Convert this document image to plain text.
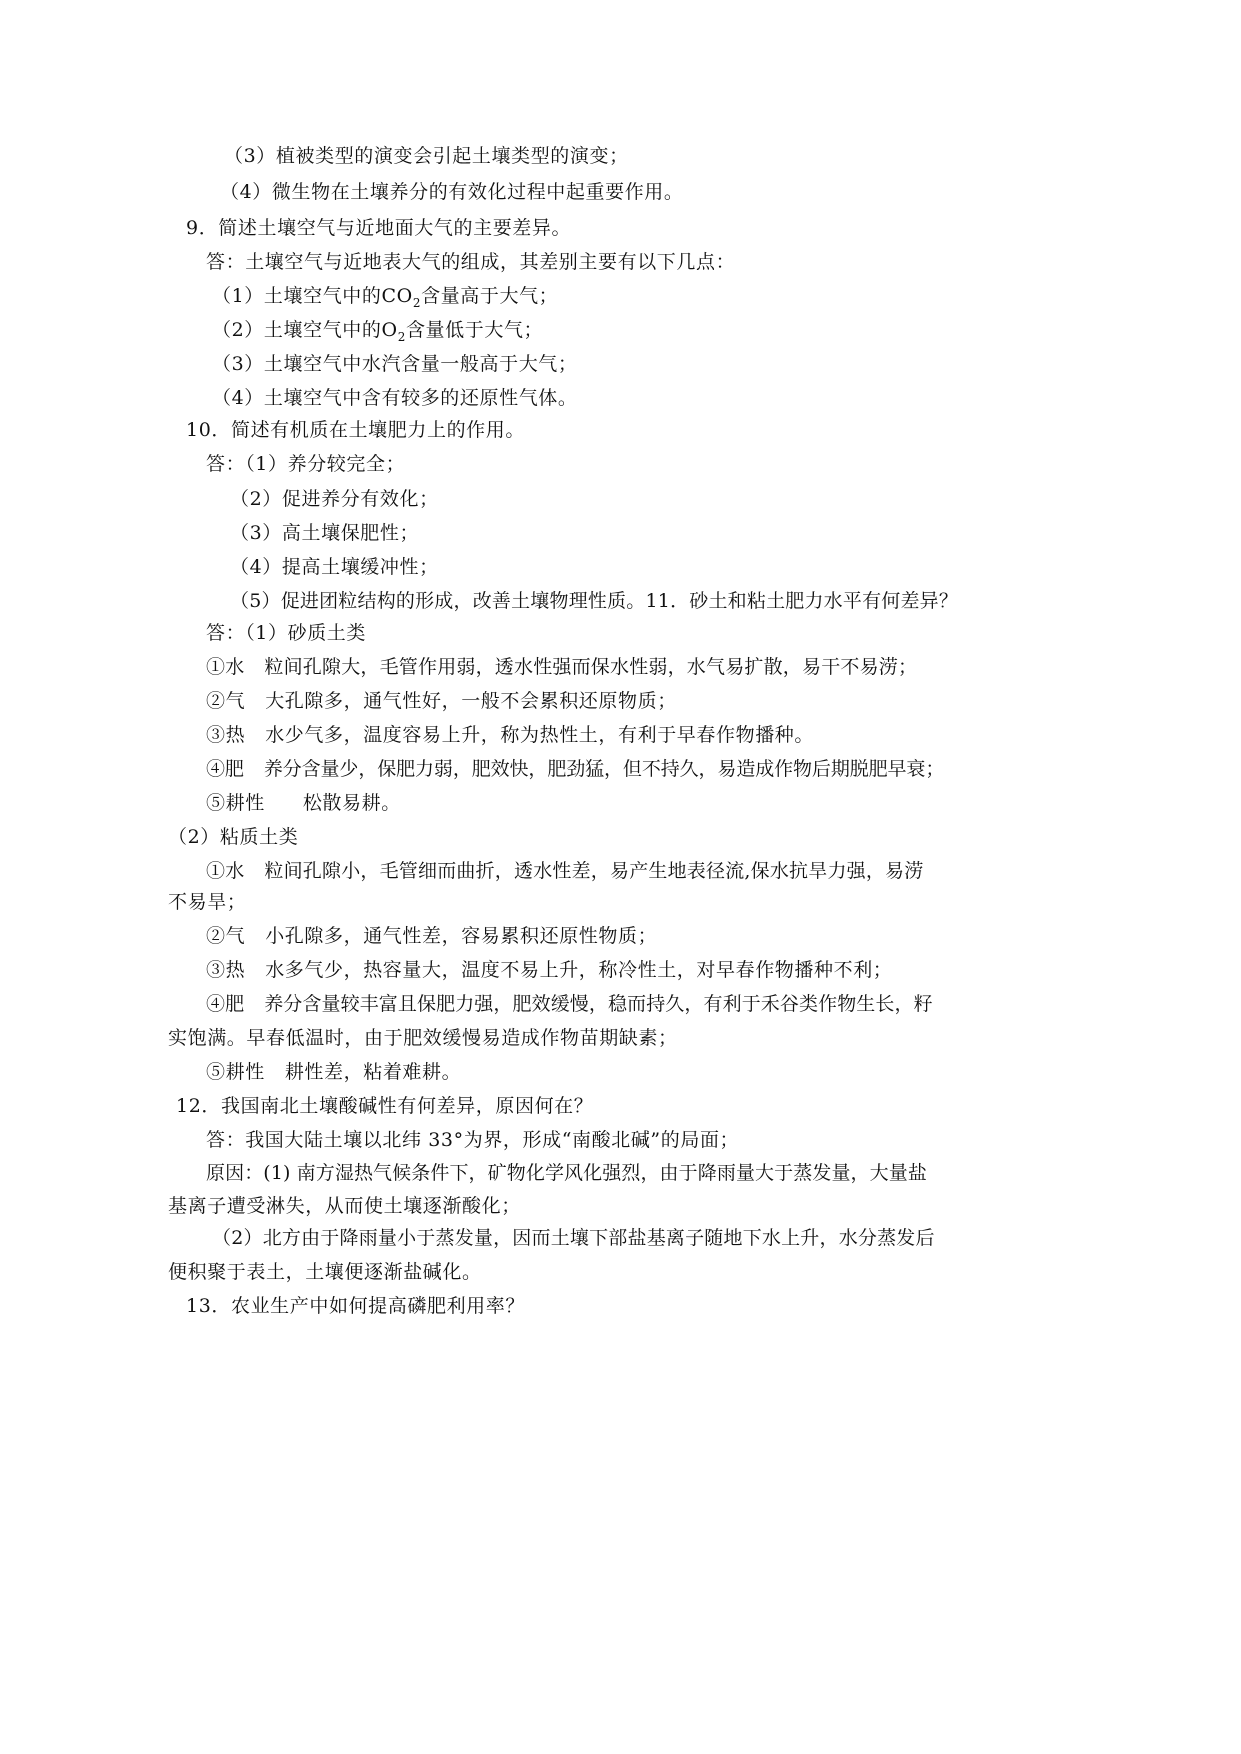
（3）植被类型的演变会引起土壤类型的演变；
（4）微生物在土壤养分的有效化过程中起重要作用。
9．简述土壤空气与近地面大气的主要差异。
答：土壤空气与近地表大气的组成，其差别主要有以下几点：
（1）土壤空气中的$CO_2$含量高于大气；
（2）土壤空气中的$O_2$含量低于大气；
（3）土壤空气中水汽含量一般高于大气；
（4）土壤空气中含有较多的还原性气体。
10．简述有机质在土壤肥力上的作用。
答：（1）养分较完全；
（2）促进养分有效化；
（3）高土壤保肥性；
（4）提高土壤缓冲性；
（5）促进团粒结构的形成，改善土壤物理性质。11．砂土和粘土肥力水平有何差异？
答：（1）砂质土类
①水 粒间孔隙大，毛管作用弱，透水性强而保水性弱，水气易扩散，易干不易涝；
②气 大孔隙多，通气性好，一般不会累积还原物质；
③热 水少气多，温度容易上升，称为热性土，有利于早春作物播种。
④肥 养分含量少，保肥力弱，肥效快，肥劲猛，但不持久，易造成作物后期脱肥早衰；
⑤耕性 松散易耕。
（2）粘质土类
①水 粒间孔隙小，毛管细而曲折，透水性差，易产生地表径流,保水抗旱力强，易涝
不易旱；
②气 小孔隙多，通气性差，容易累积还原性物质；
③热 水多气少，热容量大，温度不易上升，称冷性土，对早春作物播种不利；
④肥 养分含量较丰富且保肥力强，肥效缓慢，稳而持久，有利于禾谷类作物生长，籽
实饱满。早春低温时，由于肥效缓慢易造成作物苗期缺素；
⑤耕性 耕性差，粘着难耕。
12．我国南北土壤酸碱性有何差异，原因何在？
答：我国大陆土壤以北纬 33°为界，形成“南酸北碱”的局面；
原因：(1) 南方湿热气候条件下，矿物化学风化强烈，由于降雨量大于蒸发量，大量盐
基离子遭受淋失，从而使土壤逐渐酸化；
（2）北方由于降雨量小于蒸发量，因而土壤下部盐基离子随地下水上升，水分蒸发后
便积聚于表土，土壤便逐渐盐碱化。
13．农业生产中如何提高磷肥利用率？
